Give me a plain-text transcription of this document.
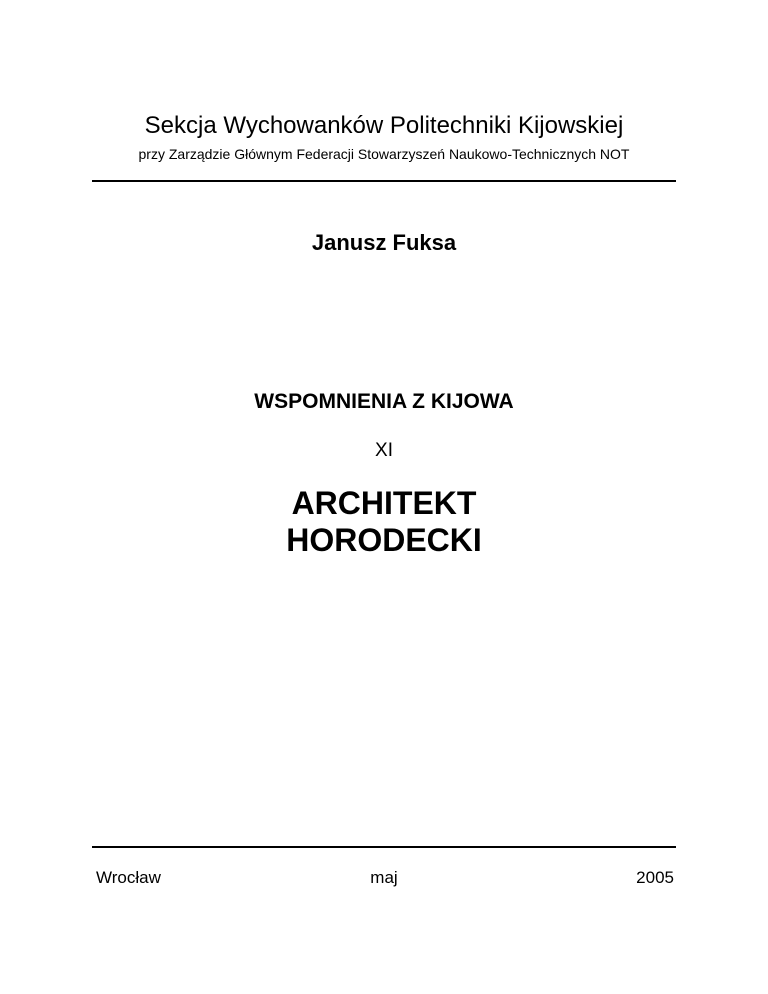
Sekcja Wychowanków Politechniki Kijowskiej
przy Zarządzie Głównym Federacji Stowarzyszeń Naukowo-Technicznych NOT
Janusz Fuksa
WSPOMNIENIA Z KIJOWA
XI
ARCHITEKT
HORODECKI
Wrocław	maj	2005
